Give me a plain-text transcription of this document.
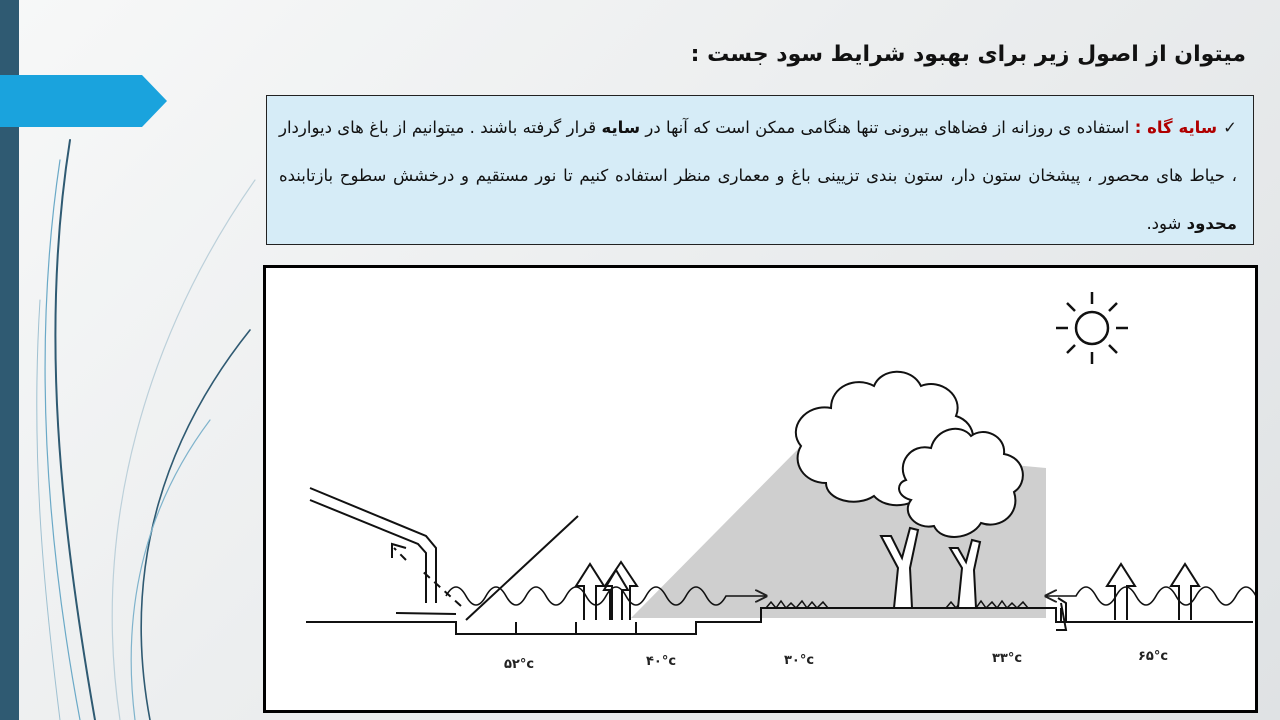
میتوان از اصول زیر برای بهبود شرایط سود جست :
✓سایه گاه : استفاده ی روزانه از فضاهای بیرونی تنها هنگامی ممکن است که آنها در سایه قرار گرفته باشند . میتوانیم از باغ های دیواردار ، حیاط های محصور ، پیشخان ستون دار، ستون بندی تزیینی باغ و معماری منظر استفاده کنیم تا نور مستقیم و درخشش سطوح بازتابنده محدود شود.
۵۲°c	۴۰°c	۳۰°c	۳۳°c	۶۵°c
